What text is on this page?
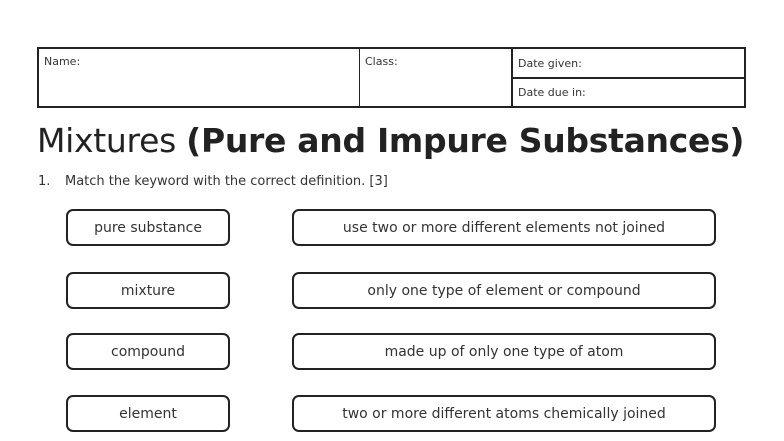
Name:	Class:	Date given:
Date due in:
Mixtures (Pure and Impure Substances)
1. Match the keyword with the correct definition. [3]
pure substance
mixture
compound
element
use two or more different elements not joined
only one type of element or compound
made up of only one type of atom
two or more different atoms chemically joined
